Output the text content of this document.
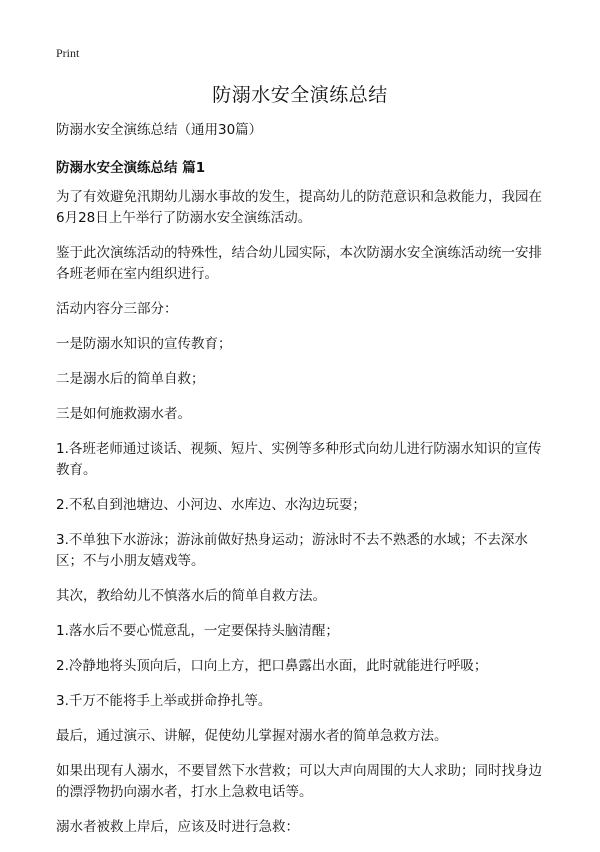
Print
防溺水安全演练总结
防溺水安全演练总结（通用30篇）
防溺水安全演练总结 篇1

为了有效避免汛期幼儿溺水事故的发生，提高幼儿的防范意识和急救能力，我园在6月28日上午举行了防溺水安全演练活动。

鉴于此次演练活动的特殊性，结合幼儿园实际，本次防溺水安全演练活动统一安排各班老师在室内组织进行。

活动内容分三部分：

一是防溺水知识的宣传教育；

二是溺水后的简单自救；

三是如何施救溺水者。

1.各班老师通过谈话、视频、短片、实例等多种形式向幼儿进行防溺水知识的宣传教育。

2.不私自到池塘边、小河边、水库边、水沟边玩耍；

3.不单独下水游泳；游泳前做好热身运动；游泳时不去不熟悉的水域；不去深水区；不与小朋友嬉戏等。

其次，教给幼儿不慎落水后的简单自救方法。

1.落水后不要心慌意乱，一定要保持头脑清醒；

2.冷静地将头顶向后，口向上方，把口鼻露出水面，此时就能进行呼吸；

3.千万不能将手上举或拼命挣扎等。

最后，通过演示、讲解，促使幼儿掌握对溺水者的简单急救方法。

如果出现有人溺水，不要冒然下水营救；可以大声向周围的大人求助；同时找身边的漂浮物扔向溺水者，打水上急救电话等。

溺水者被救上岸后，应该及时进行急救：
